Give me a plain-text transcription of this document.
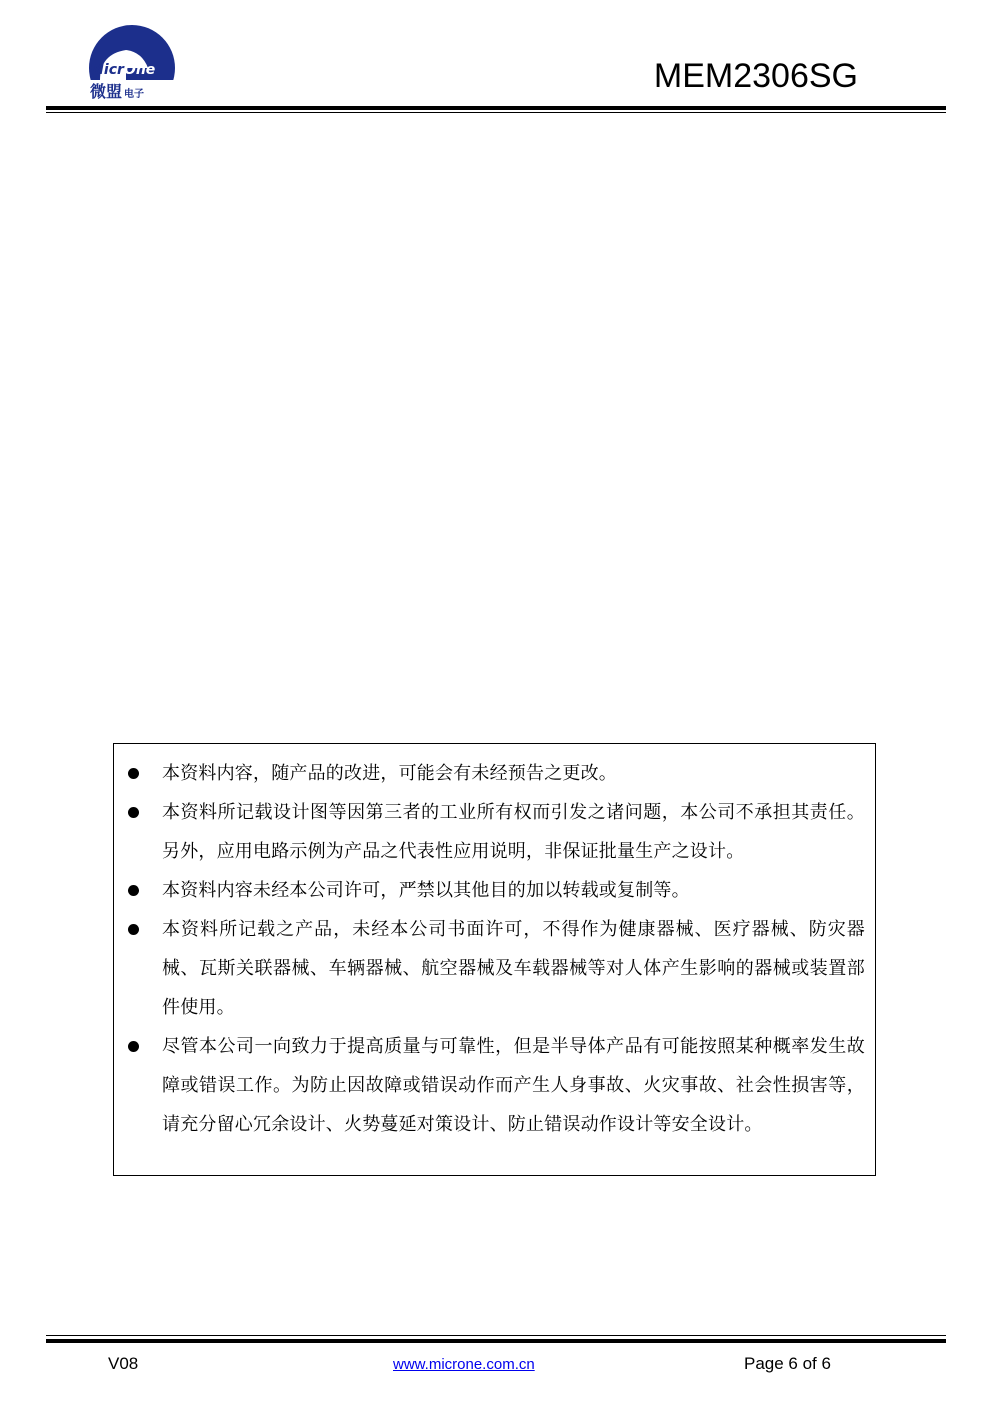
MicrOne
微盟 电子	MEM2306SG
本资料内容，随产品的改进，可能会有未经预告之更改。
本资料所记载设计图等因第三者的工业所有权而引发之诸问题，本公司不承担其责任。另外，应用电路示例为产品之代表性应用说明，非保证批量生产之设计。
本资料内容未经本公司许可，严禁以其他目的加以转载或复制等。
本资料所记载之产品，未经本公司书面许可，不得作为健康器械、医疗器械、防灾器械、瓦斯关联器械、车辆器械、航空器械及车载器械等对人体产生影响的器械或装置部件使用。
尽管本公司一向致力于提高质量与可靠性，但是半导体产品有可能按照某种概率发生故障或错误工作。为防止因故障或错误动作而产生人身事故、火灾事故、社会性损害等，请充分留心冗余设计、火势蔓延对策设计、防止错误动作设计等安全设计。
V08	www.microne.com.cn	Page 6 of 6
